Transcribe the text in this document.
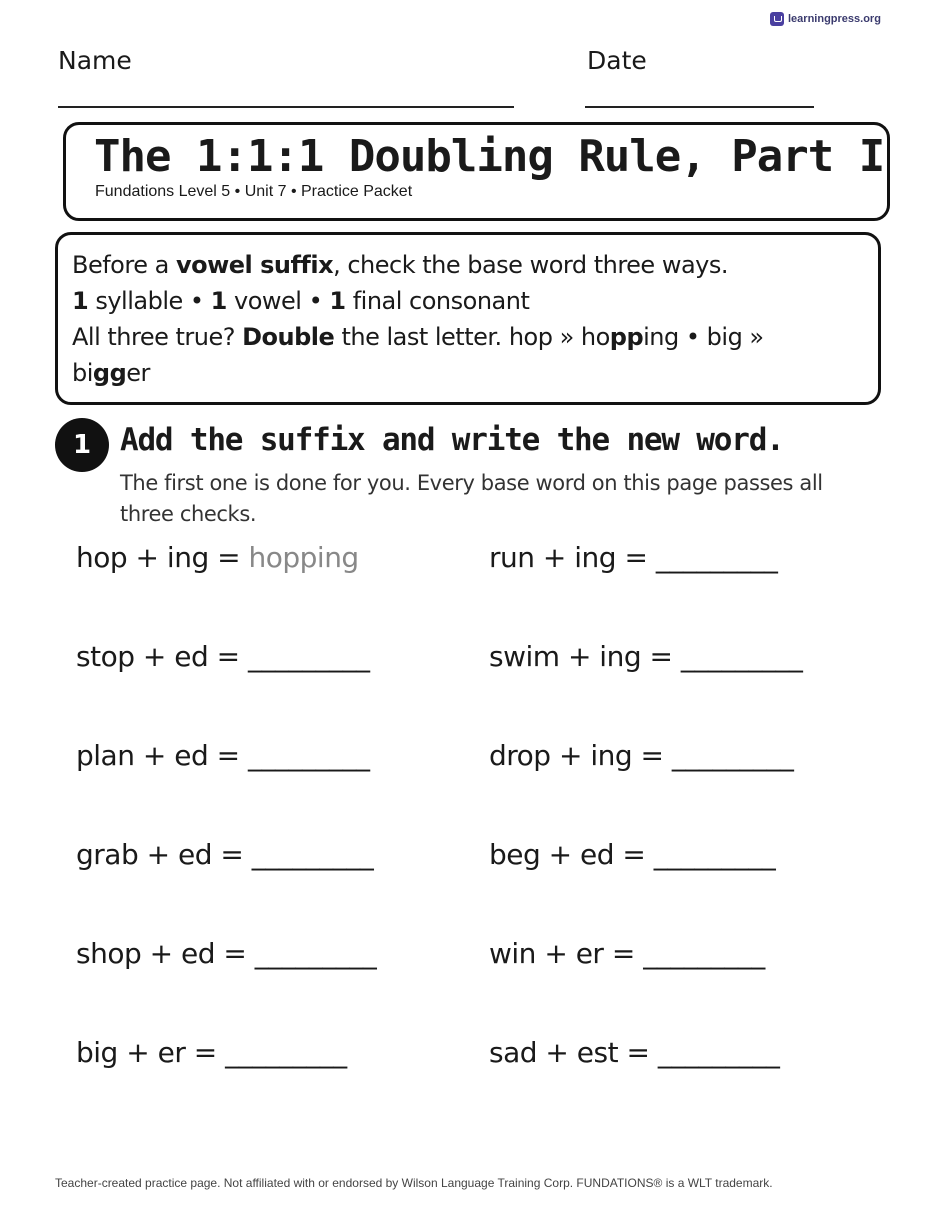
learningpress.org
Name	Date
The 1:1:1 Doubling Rule, Part I
Fundations Level 5 • Unit 7 • Practice Packet
Before a vowel suffix, check the base word three ways.
1 syllable • 1 vowel • 1 final consonant
All three true? Double the last letter. hop » hopping • big »
bigger
1 Add the suffix and write the new word.
The first one is done for you. Every base word on this page passes all three checks.
hop + ing = hopping	run + ing = _________
stop + ed = _________	swim + ing = _________
plan + ed = _________	drop + ing = _________
grab + ed = _________	beg + ed = _________
shop + ed = _________	win + er = _________
big + er = _________	sad + est = _________
Teacher-created practice page. Not affiliated with or endorsed by Wilson Language Training Corp. FUNDATIONS® is a WLT trademark.
